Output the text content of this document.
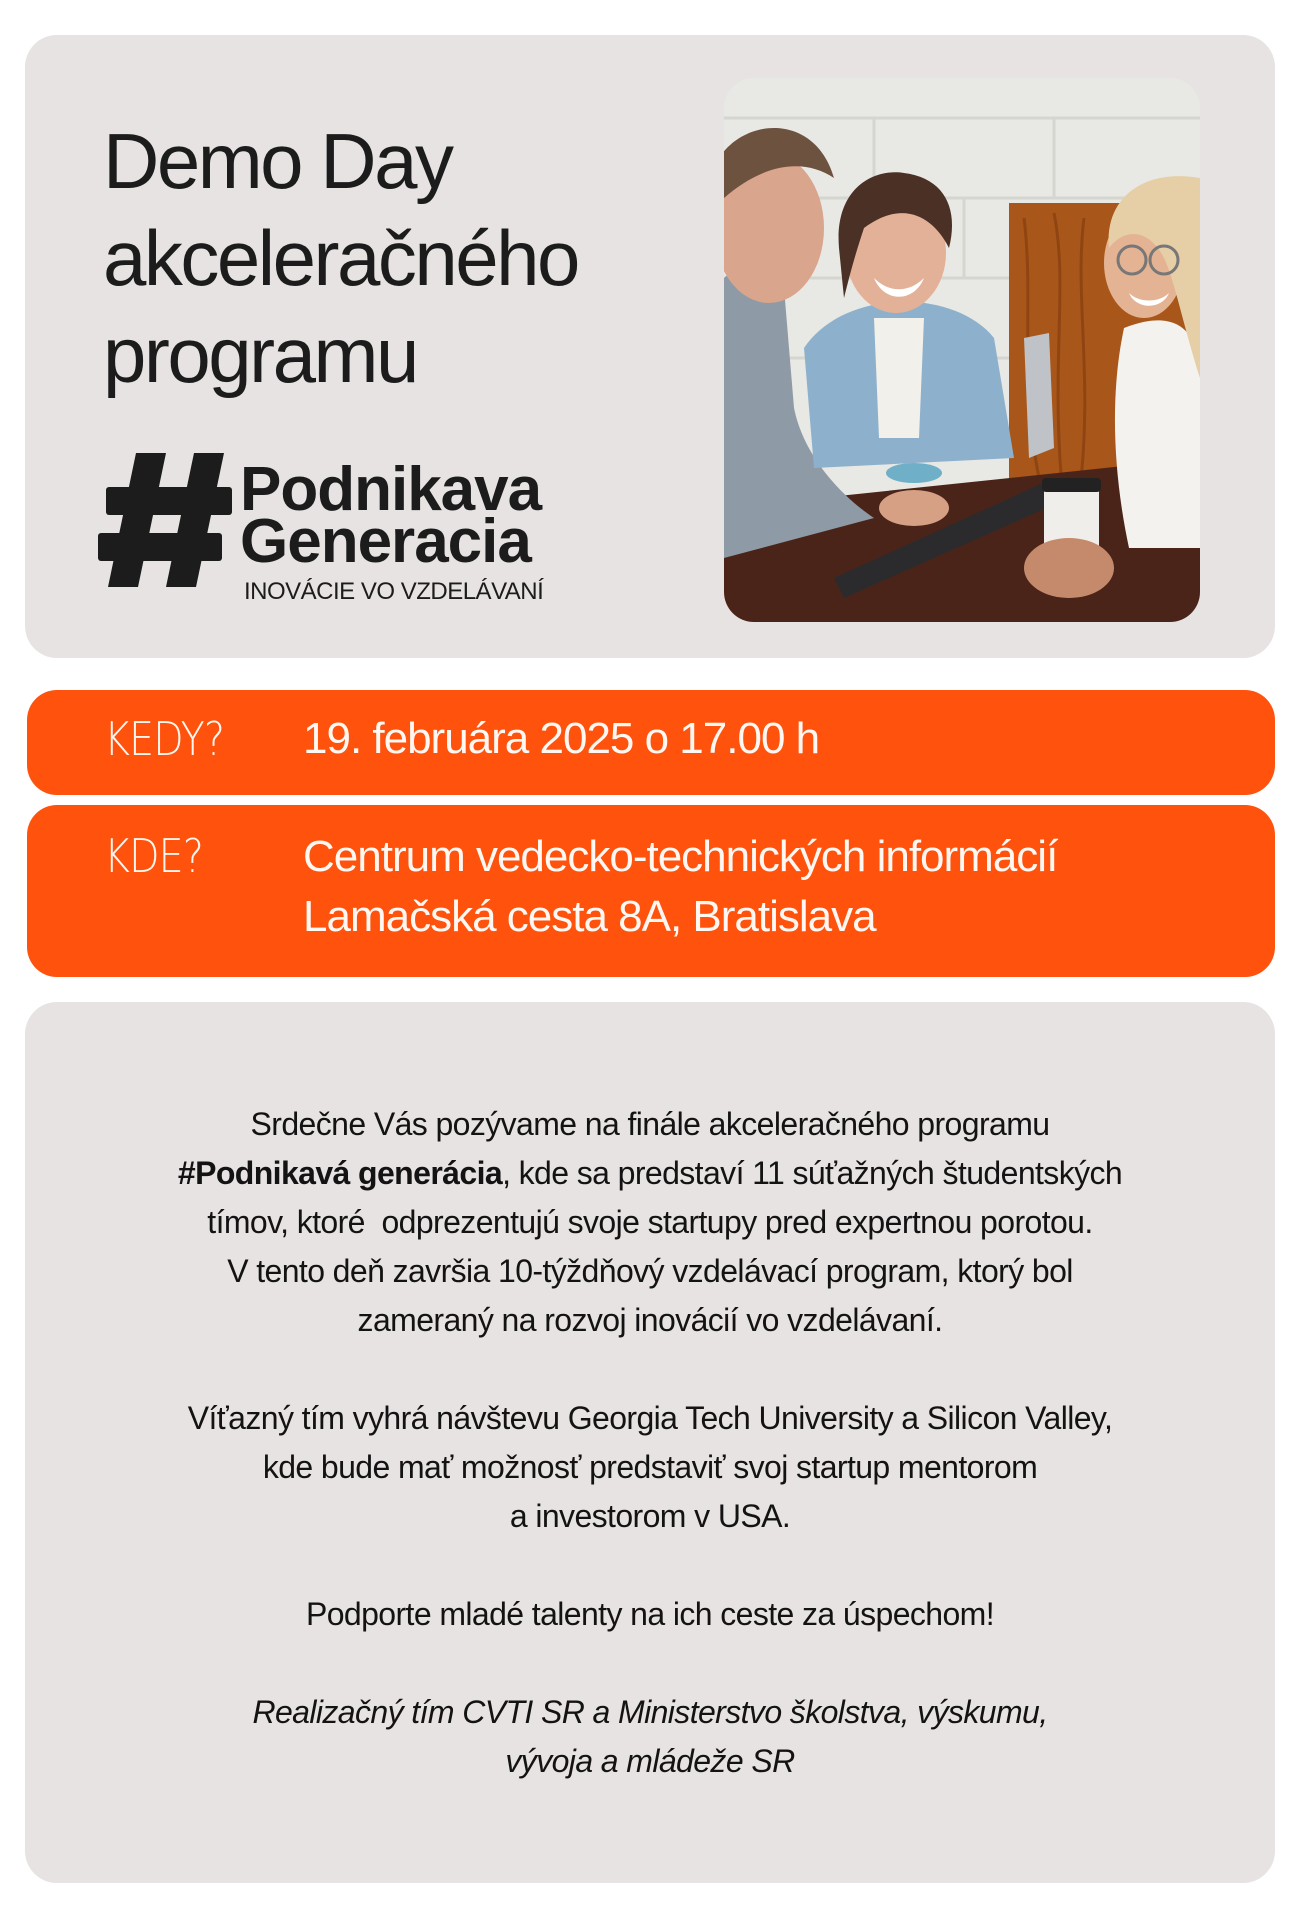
Demo Day
akceleračného
programu
Podnikava
Generacia
INOVÁCIE VO VZDELÁVANÍ
KEDY? 19. februára 2025 o 17.00 h
KDE? Centrum vedecko-technických informácií
Lamačská cesta 8A, Bratislava

Srdečne Vás pozývame na finále akceleračného programu
#Podnikavá generácia, kde sa predstaví 11 súťažných študentských
tímov, ktoré  odprezentujú svoje startupy pred expertnou porotou.
V tento deň završia 10-týždňový vzdelávací program, ktorý bol
zameraný na rozvoj inovácií vo vzdelávaní.

Víťazný tím vyhrá návštevu Georgia Tech University a Silicon Valley,
kde bude mať možnosť predstaviť svoj startup mentorom
a investorom v USA.

Podporte mladé talenty na ich ceste za úspechom!

Realizačný tím CVTI SR a Ministerstvo školstva, výskumu,
vývoja a mládeže SR
